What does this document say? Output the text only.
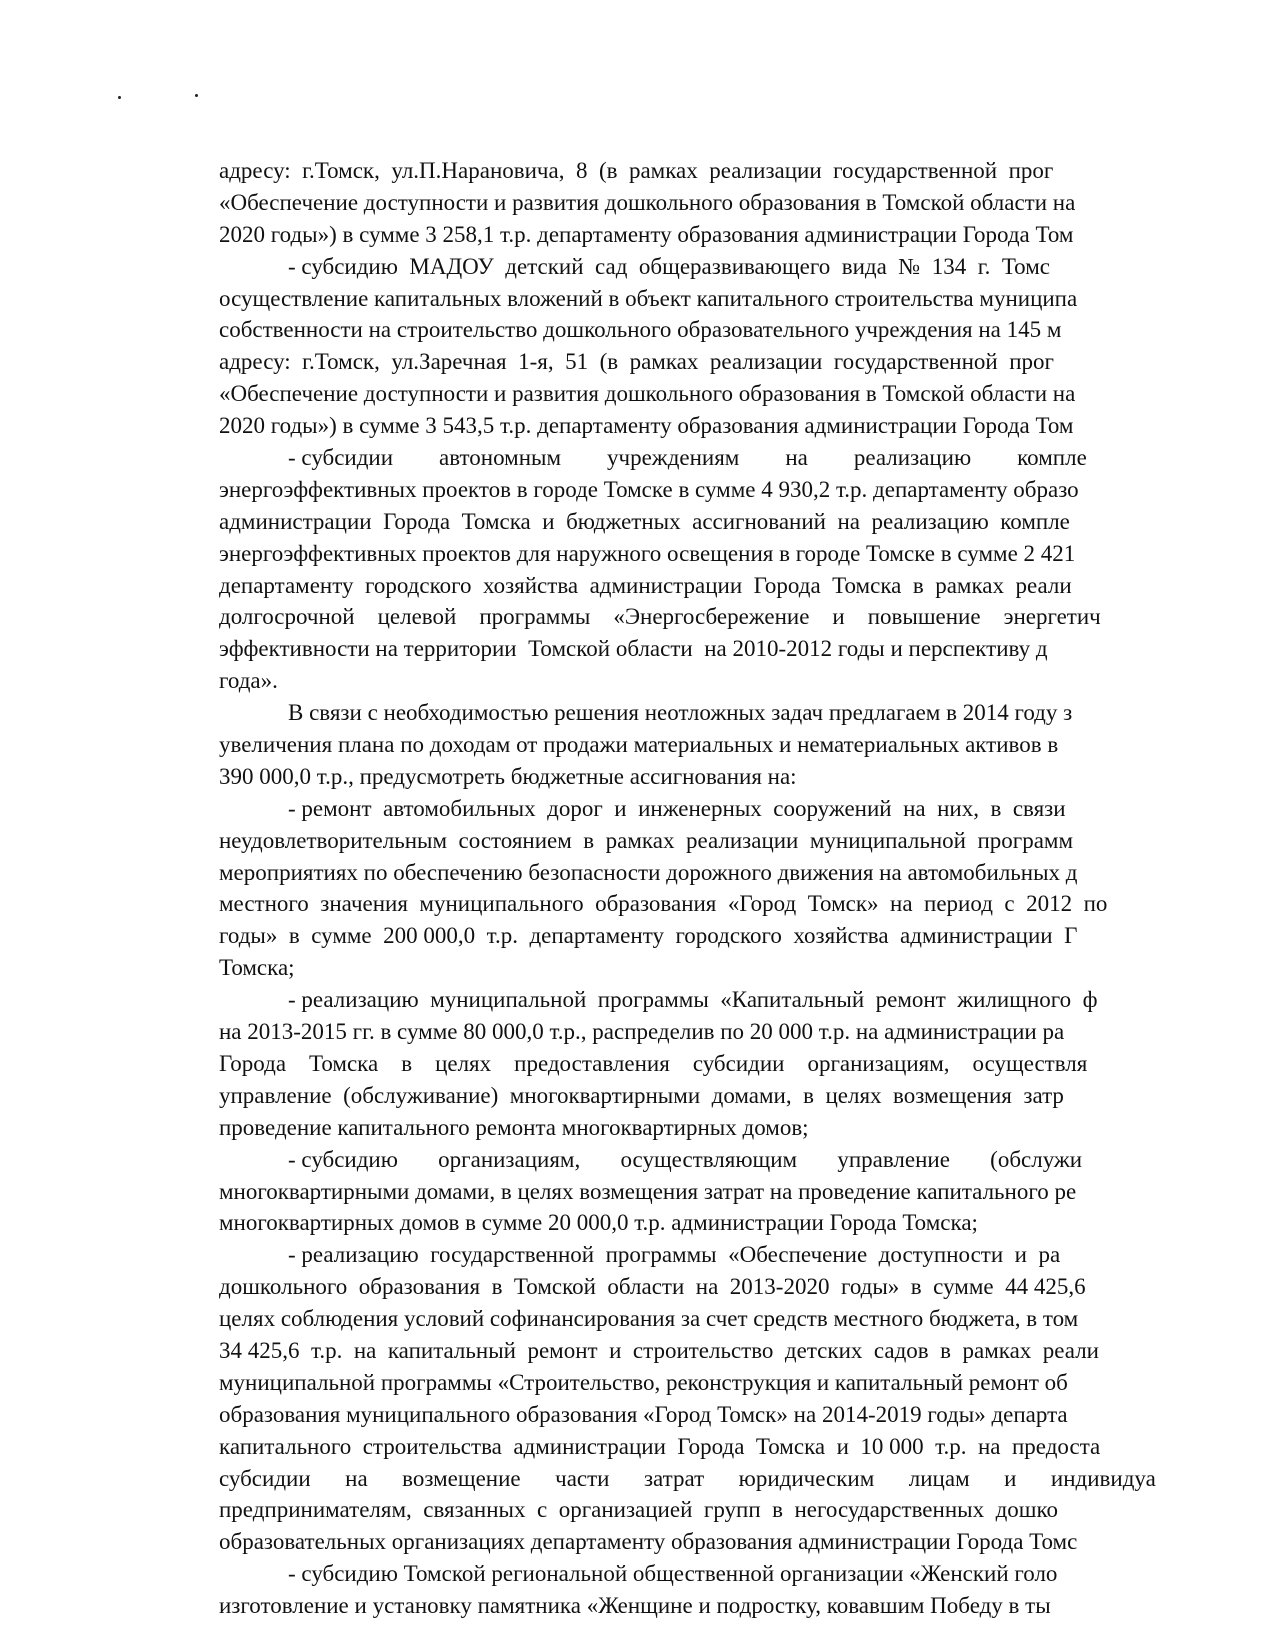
адресу:  г.Томск,  ул.П.Нарановича,  8  (в  рамках  реализации  государственной  прог
«Обеспечение доступности и развития дошкольного образования в Томской области на
2020 годы») в сумме 3 258,1 т.р. департаменту образования администрации Города Том
- субсидию  МАДОУ  детский  сад  общеразвивающего  вида  №  134  г.  Томс
осуществление капитальных вложений в объект капитального строительства муниципа
собственности на строительство дошкольного образовательного учреждения на 145 м
адресу:  г.Томск,  ул.Заречная  1-я,  51  (в  рамках  реализации  государственной  прог
«Обеспечение доступности и развития дошкольного образования в Томской области на
2020 годы») в сумме 3 543,5 т.р. департаменту образования администрации Города Том
- субсидии        автономным        учреждениям        на        реализацию        компле
энергоэффективных проектов в городе Томске в сумме 4 930,2 т.р. департаменту образо
администрации  Города  Томска  и  бюджетных  ассигнований  на  реализацию  компле
энергоэффективных проектов для наружного освещения в городе Томске в сумме 2 421
департаменту  городского  хозяйства  администрации  Города  Томска  в  рамках  реали
долгосрочной    целевой    программы    «Энергосбережение    и    повышение    энергетич
эффективности на территории  Томской области  на 2010-2012 годы и перспективу д
года».
В связи с необходимостью решения неотложных задач предлагаем в 2014 году з
увеличения плана по доходам от продажи материальных и нематериальных активов в
390 000,0 т.р., предусмотреть бюджетные ассигнования на:
- ремонт  автомобильных  дорог  и  инженерных  сооружений  на  них,  в  связи
неудовлетворительным  состоянием  в  рамках  реализации  муниципальной  программ
мероприятиях по обеспечению безопасности дорожного движения на автомобильных д
местного  значения  муниципального  образования  «Город  Томск»  на  период  с  2012  по
годы»  в  сумме  200 000,0  т.р.  департаменту  городского  хозяйства  администрации  Г
Томска;
- реализацию  муниципальной  программы  «Капитальный  ремонт  жилищного  ф
на 2013-2015 гг. в сумме 80 000,0 т.р., распределив по 20 000 т.р. на администрации ра
Города    Томска    в    целях    предоставления    субсидии    организациям,    осуществля
управление  (обслуживание)  многоквартирными  домами,  в  целях  возмещения  затр
проведение капитального ремонта многоквартирных домов;
- субсидию       организациям,       осуществляющим       управление       (обслужи
многоквартирными домами, в целях возмещения затрат на проведение капитального ре
многоквартирных домов в сумме 20 000,0 т.р. администрации Города Томска;
- реализацию  государственной  программы  «Обеспечение  доступности  и  ра
дошкольного  образования  в  Томской  области  на  2013-2020  годы»  в  сумме  44 425,6
целях соблюдения условий софинансирования за счет средств местного бюджета, в том
34 425,6  т.р.  на  капитальный  ремонт  и  строительство  детских  садов  в  рамках  реали
муниципальной программы «Строительство, реконструкция и капитальный ремонт об
образования муниципального образования «Город Томск» на 2014-2019 годы» департа
капитального  строительства  администрации  Города  Томска  и  10 000  т.р.  на  предоста
субсидии      на      возмещение      части      затрат      юридическим      лицам      и      индивидуа
предпринимателям,  связанных  с  организацией  групп  в  негосударственных  дошко
образовательных организациях департаменту образования администрации Города Томс
- субсидию Томской региональной общественной организации «Женский голо
изготовление и установку памятника «Женщине и подростку, ковавшим Победу в ты
